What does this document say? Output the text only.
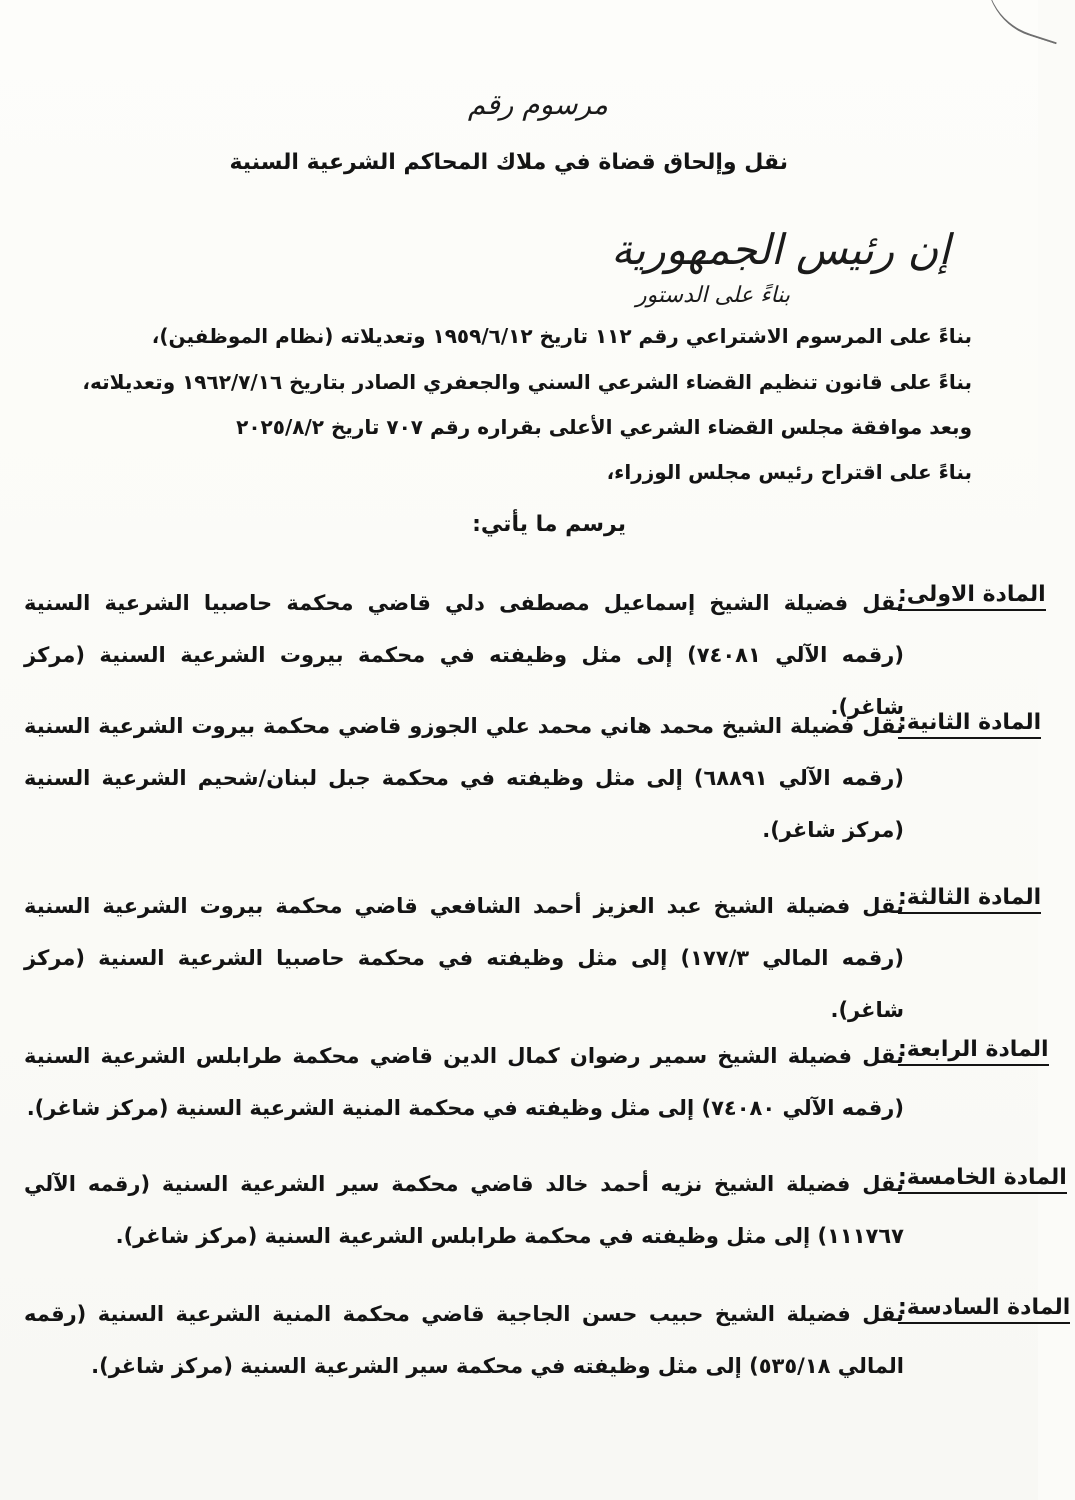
مرسوم رقم
نقل وإلحاق قضاة في ملاك المحاكم الشرعية السنية
إن رئيس الجمهورية
بناءً على الدستور
بناءً على المرسوم الاشتراعي رقم ١١٢ تاريخ ١٩٥٩/٦/١٢ وتعديلاته (نظام الموظفين)،
بناءً على قانون تنظيم القضاء الشرعي السني والجعفري الصادر بتاريخ ١٩٦٢/٧/١٦ وتعديلاته،
وبعد موافقة مجلس القضاء الشرعي الأعلى بقراره رقم ٧٠٧ تاريخ ٢٠٢٥/٨/٢
بناءً على اقتراح رئيس مجلس الوزراء،
يرسم ما يأتي:
المادة الاولى:
نقل فضيلة الشيخ إسماعيل مصطفى دلي قاضي محكمة حاصبيا الشرعية السنية (رقمه الآلي ٧٤٠٨١) إلى مثل وظيفته في محكمة بيروت الشرعية السنية (مركز شاغر).
المادة الثانية:
نقل فضيلة الشيخ محمد هاني محمد علي الجوزو قاضي محكمة بيروت الشرعية السنية (رقمه الآلي ٦٨٨٩١) إلى مثل وظيفته في محكمة جبل لبنان/شحيم الشرعية السنية (مركز شاغر).
المادة الثالثة:
نقل فضيلة الشيخ عبد العزيز أحمد الشافعي قاضي محكمة بيروت الشرعية السنية (رقمه المالي ١٧٧/٣) إلى مثل وظيفته في محكمة حاصبيا الشرعية السنية (مركز شاغر).
المادة الرابعة:
نقل فضيلة الشيخ سمير رضوان كمال الدين قاضي محكمة طرابلس الشرعية السنية (رقمه الآلي ٧٤٠٨٠) إلى مثل وظيفته في محكمة المنية الشرعية السنية (مركز شاغر).
المادة الخامسة:
نقل فضيلة الشيخ نزيه أحمد خالد قاضي محكمة سير الشرعية السنية (رقمه الآلي ١١١٧٦٧) إلى مثل وظيفته في محكمة طرابلس الشرعية السنية (مركز شاغر).
المادة السادسة:
نقل فضيلة الشيخ حبيب حسن الجاجية قاضي محكمة المنية الشرعية السنية (رقمه المالي ٥٣٥/١٨) إلى مثل وظيفته في محكمة سير الشرعية السنية (مركز شاغر).
